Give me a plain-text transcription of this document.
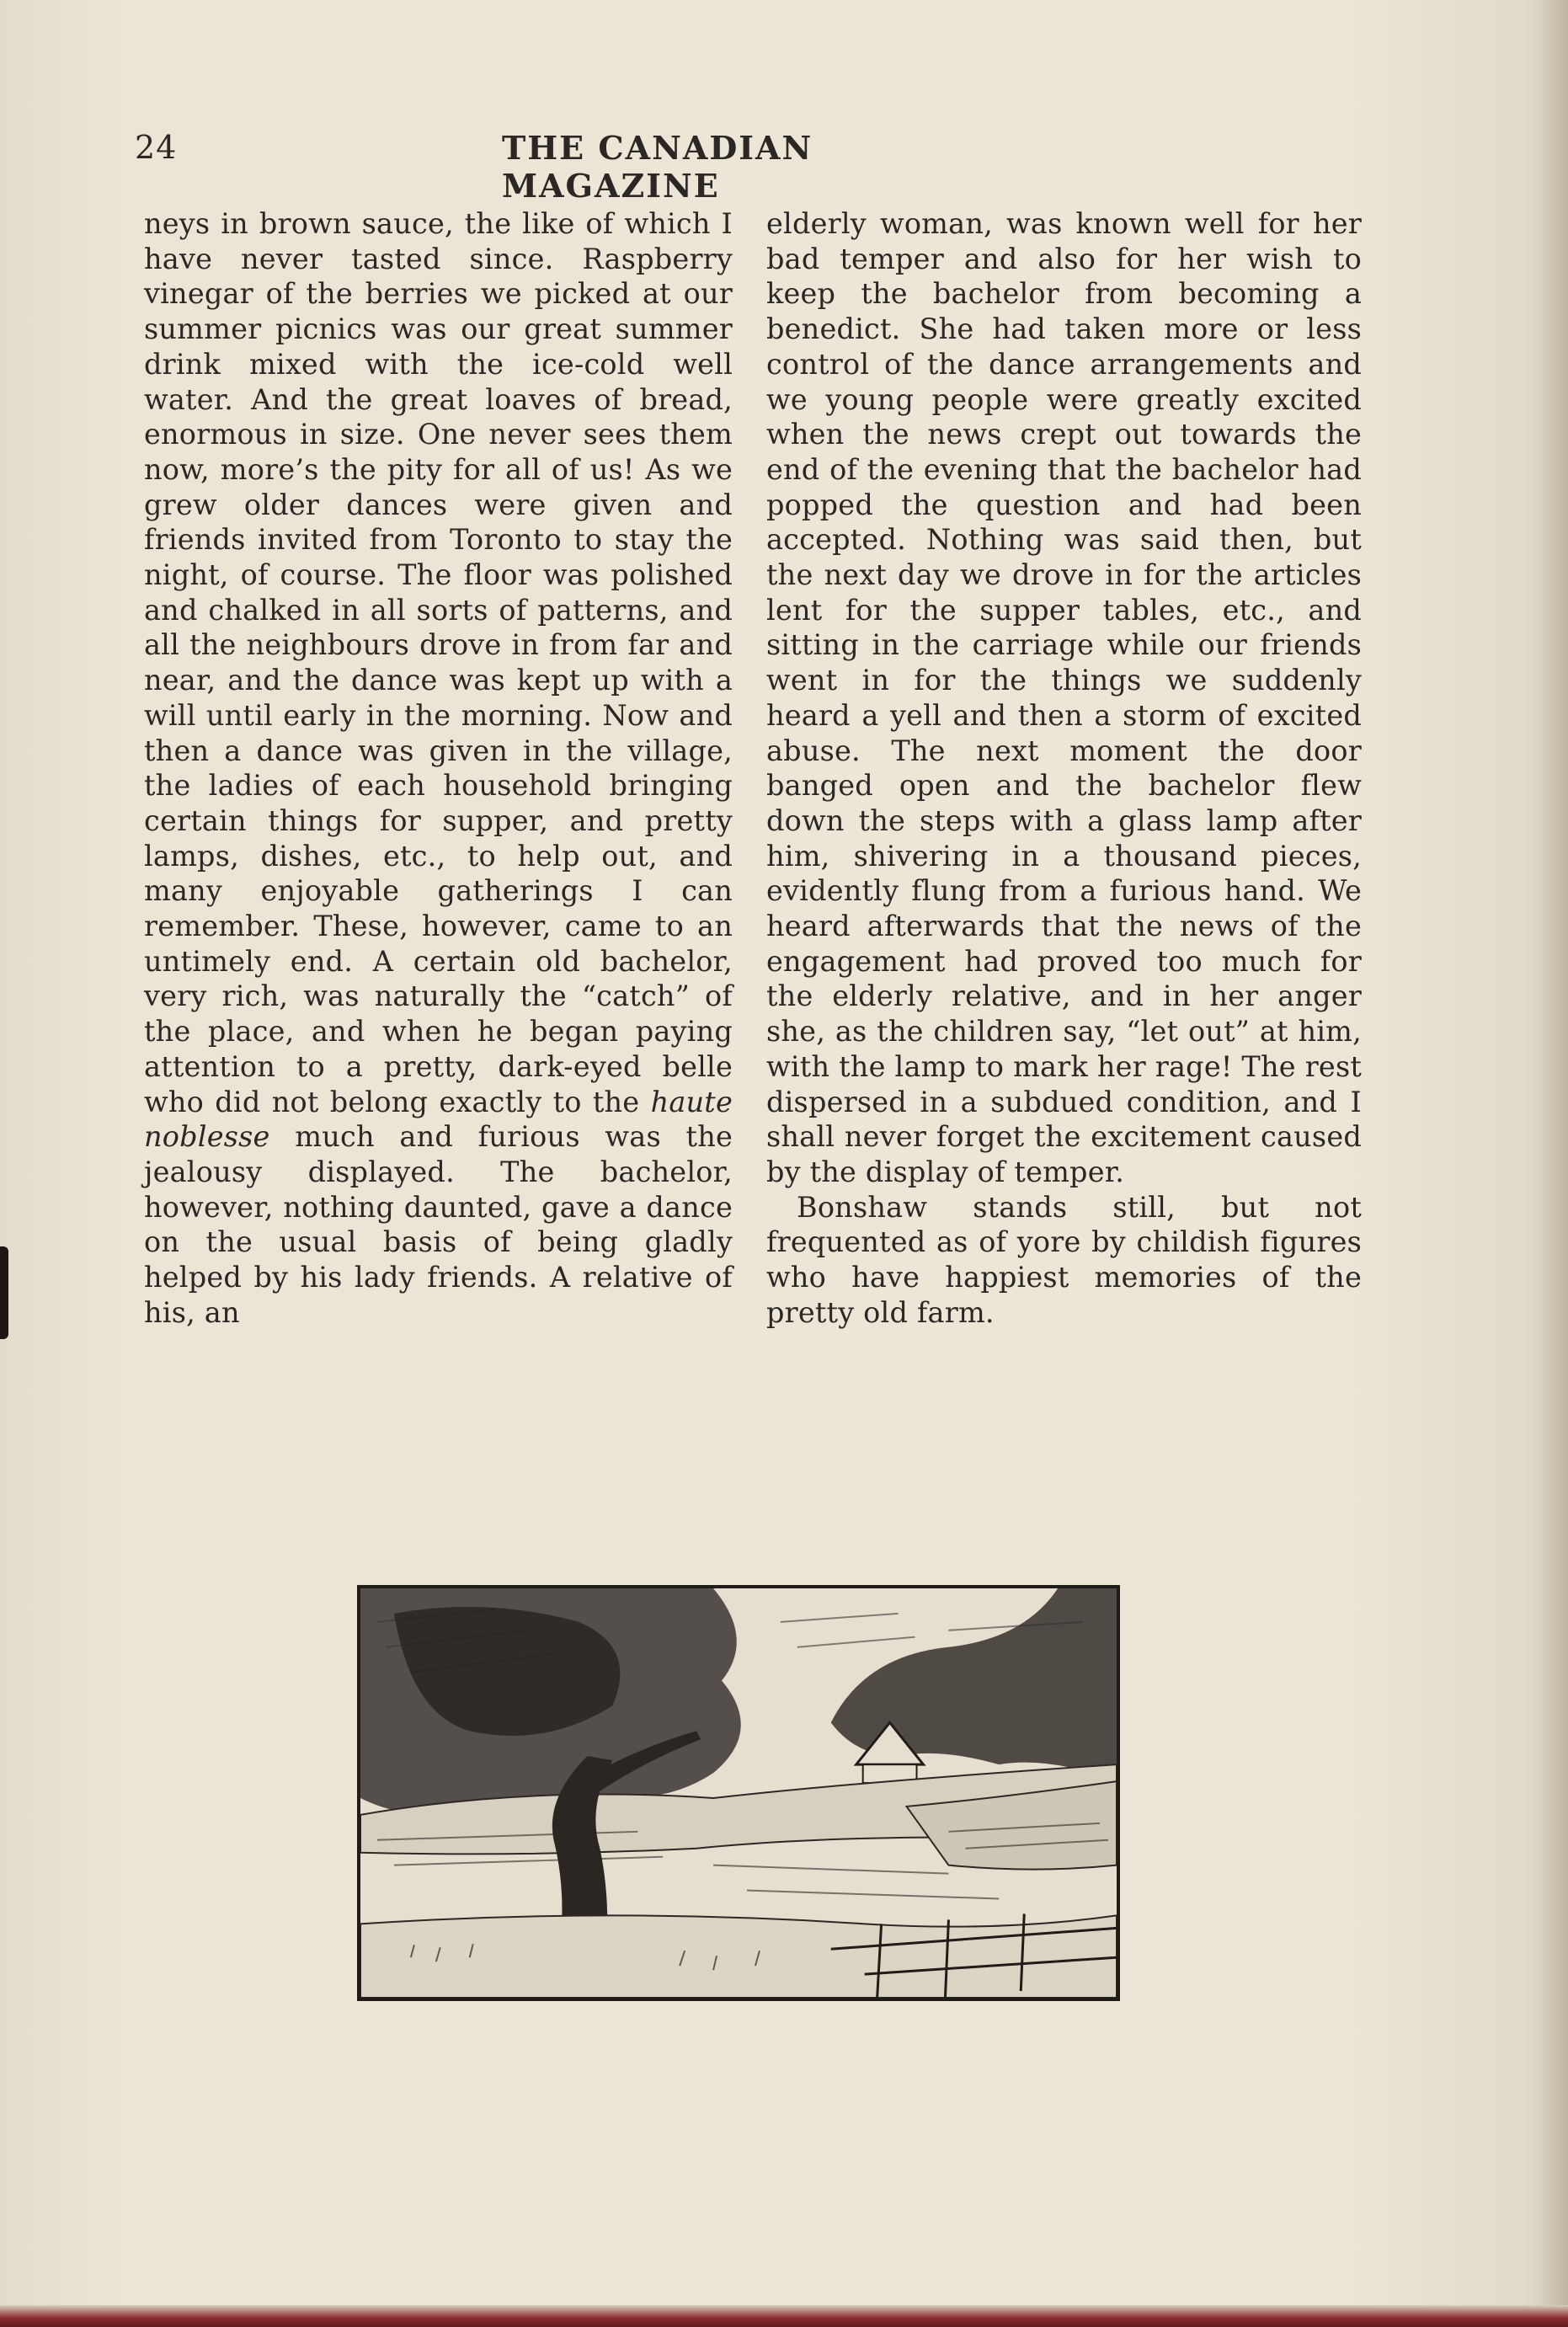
24	THE CANADIAN MAGAZINE

neys in brown sauce, the like of which I have never tasted since. Raspberry vinegar of the berries we picked at our summer picnics was our great summer drink mixed with the ice-cold well water. And the great loaves of bread, enormous in size. One never sees them now, more’s the pity for all of us! As we grew older dances were given and friends invited from Toronto to stay the night, of course. The floor was polished and chalked in all sorts of patterns, and all the neighbours drove in from far and near, and the dance was kept up with a will until early in the morning. Now and then a dance was given in the village, the ladies of each household bringing certain things for supper, and pretty lamps, dishes, etc., to help out, and many enjoyable gatherings I can remember. These, however, came to an untimely end. A certain old bachelor, very rich, was naturally the “catch” of the place, and when he began paying attention to a pretty, dark-eyed belle who did not belong exactly to the haute noblesse much and furious was the jealousy displayed. The bachelor, however, nothing daunted, gave a dance on the usual basis of being gladly helped by his lady friends. A relative of his, an

elderly woman, was known well for her bad temper and also for her wish to keep the bachelor from becoming a benedict. She had taken more or less control of the dance arrangements and we young people were greatly excited when the news crept out towards the end of the evening that the bachelor had popped the question and had been accepted. Nothing was said then, but the next day we drove in for the articles lent for the supper tables, etc., and sitting in the carriage while our friends went in for the things we suddenly heard a yell and then a storm of excited abuse. The next moment the door banged open and the bachelor flew down the steps with a glass lamp after him, shivering in a thousand pieces, evidently flung from a furious hand. We heard afterwards that the news of the engagement had proved too much for the elderly relative, and in her anger she, as the children say, “let out” at him, with the lamp to mark her rage! The rest dispersed in a subdued condition, and I shall never forget the excitement caused by the display of temper.

Bonshaw stands still, but not frequented as of yore by childish figures who have happiest memories of the pretty old farm.
